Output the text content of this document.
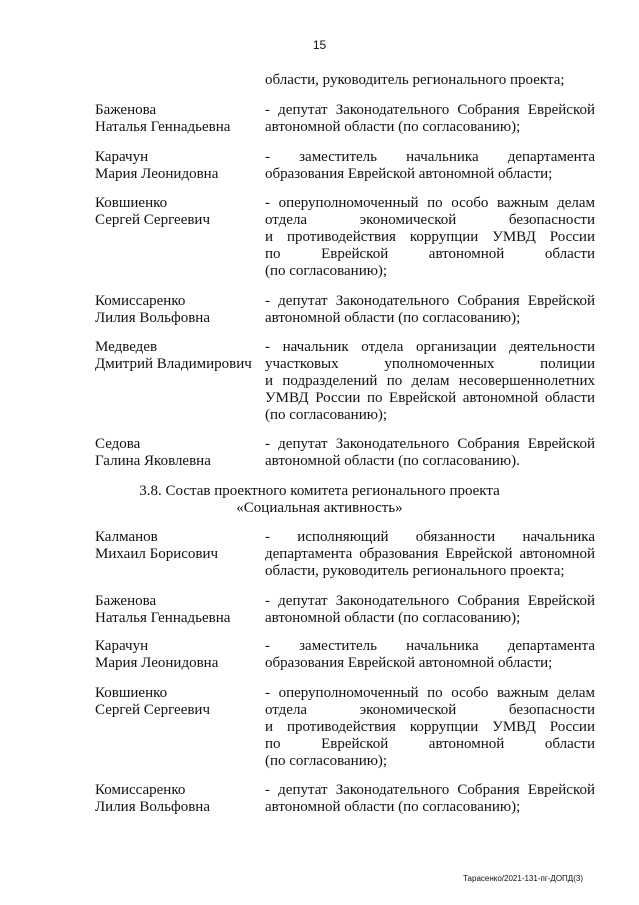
15
области, руководитель регионального проекта;
Баженова
Наталья Геннадьевна
- депутат Законодательного Собрания Еврейской
автономной области (по согласованию);
Карачун
Мария Леонидовна
- заместитель начальника департамента
образования Еврейской автономной области;
Ковшиенко
Сергей Сергеевич
- оперуполномоченный по особо важным делам
отдела экономической безопасности
и противодействия коррупции УМВД России
по Еврейской автономной области
(по согласованию);
Комиссаренко
Лилия Вольфовна
- депутат Законодательного Собрания Еврейской
автономной области (по согласованию);
Медведев
Дмитрий Владимирович
- начальник отдела организации деятельности
участковых уполномоченных полиции
и подразделений по делам несовершеннолетних
УМВД России по Еврейской автономной области
(по согласованию);
Седова
Галина Яковлевна
- депутат Законодательного Собрания Еврейской
автономной области (по согласованию).
3.8. Состав проектного комитета регионального проекта
«Социальная активность»
Калманов
Михаил Борисович
- исполняющий обязанности начальника
департамента образования Еврейской автономной
области, руководитель регионального проекта;
Баженова
Наталья Геннадьевна
- депутат Законодательного Собрания Еврейской
автономной области (по согласованию);
Карачун
Мария Леонидовна
- заместитель начальника департамента
образования Еврейской автономной области;
Ковшиенко
Сергей Сергеевич
- оперуполномоченный по особо важным делам
отдела экономической безопасности
и противодействия коррупции УМВД России
по Еврейской автономной области
(по согласованию);
Комиссаренко
Лилия Вольфовна
- депутат Законодательного Собрания Еврейской
автономной области (по согласованию);
Тарасенко/2021-131-пг-ДОПД(3)
